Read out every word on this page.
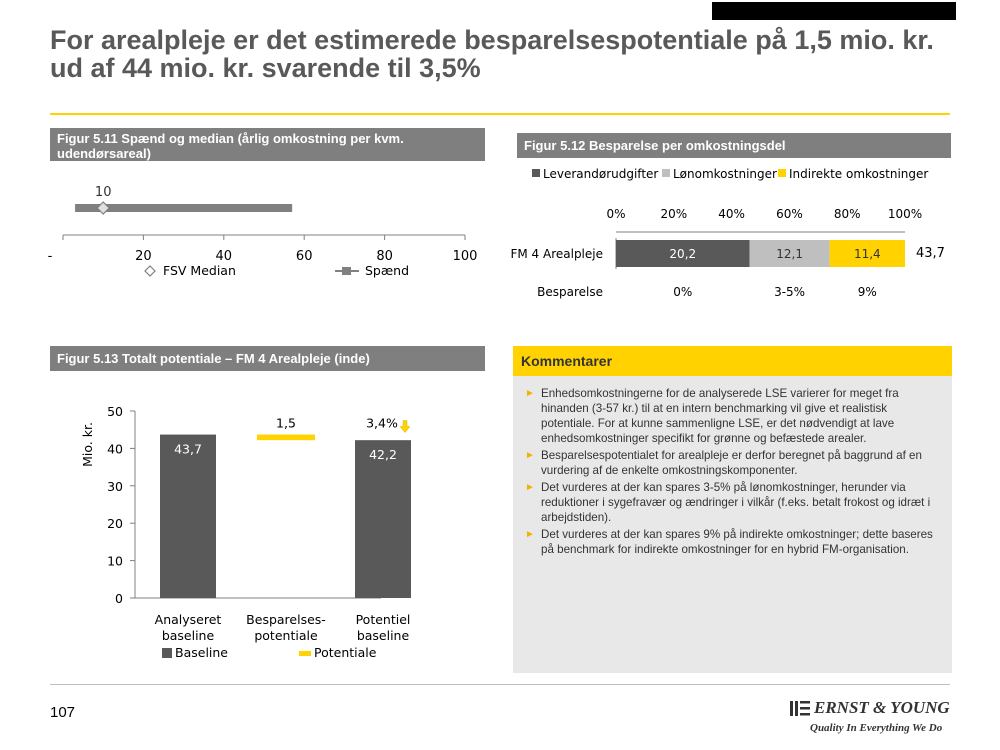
For arealpleje er det estimerede besparelsespotentiale på 1,5 mio. kr. ud af 44 mio. kr. svarende til 3,5%
Figur 5.11 Spænd og median (årlig omkostning per kvm. udendørsareal)
-	20	40	60	80	100
10
FSV Median	Spænd
Figur 5.12 Besparelse per omkostningsdel
Leverandørudgifter Lønomkostninger Indirekte omkostninger
0%	20%	40%	60%	80% 100%
FM 4 Arealpleje	20,2
0%
12,1
3-5%
11,4
9%
43,7
Besparelse
Figur 5.13 Totalt potentiale – FM 4 Arealpleje (inde)
0
10
20
30
40
50
Mio. kr.	43,7
1,5
42,2
3,4%
Analyseret
baseline
Besparelses-
potentiale
Potentiel
baseline
Baseline	Potentiale
Kommentarer
► Enhedsomkostningerne for de analyserede LSE varierer for meget fra hinanden (3-57 kr.) til at en intern benchmarking vil give et realistisk potentiale. For at kunne sammenligne LSE, er det nødvendigt at lave enhedsomkostninger specifikt for grønne og befæstede arealer.
► Besparelsespotentialet for arealpleje er derfor beregnet på baggrund af en vurdering af de enkelte omkostningskomponenter.
► Det vurderes at der kan spares 3-5% på lønomkostninger, herunder via reduktioner i sygefravær og ændringer i vilkår (f.eks. betalt frokost og idræt i arbejdstiden).
► Det vurderes at der kan spares 9% på indirekte omkostninger; dette baseres på benchmark for indirekte omkostninger for en hybrid FM-organisation.
107	ERNST & YOUNG
Quality In Everything We Do
